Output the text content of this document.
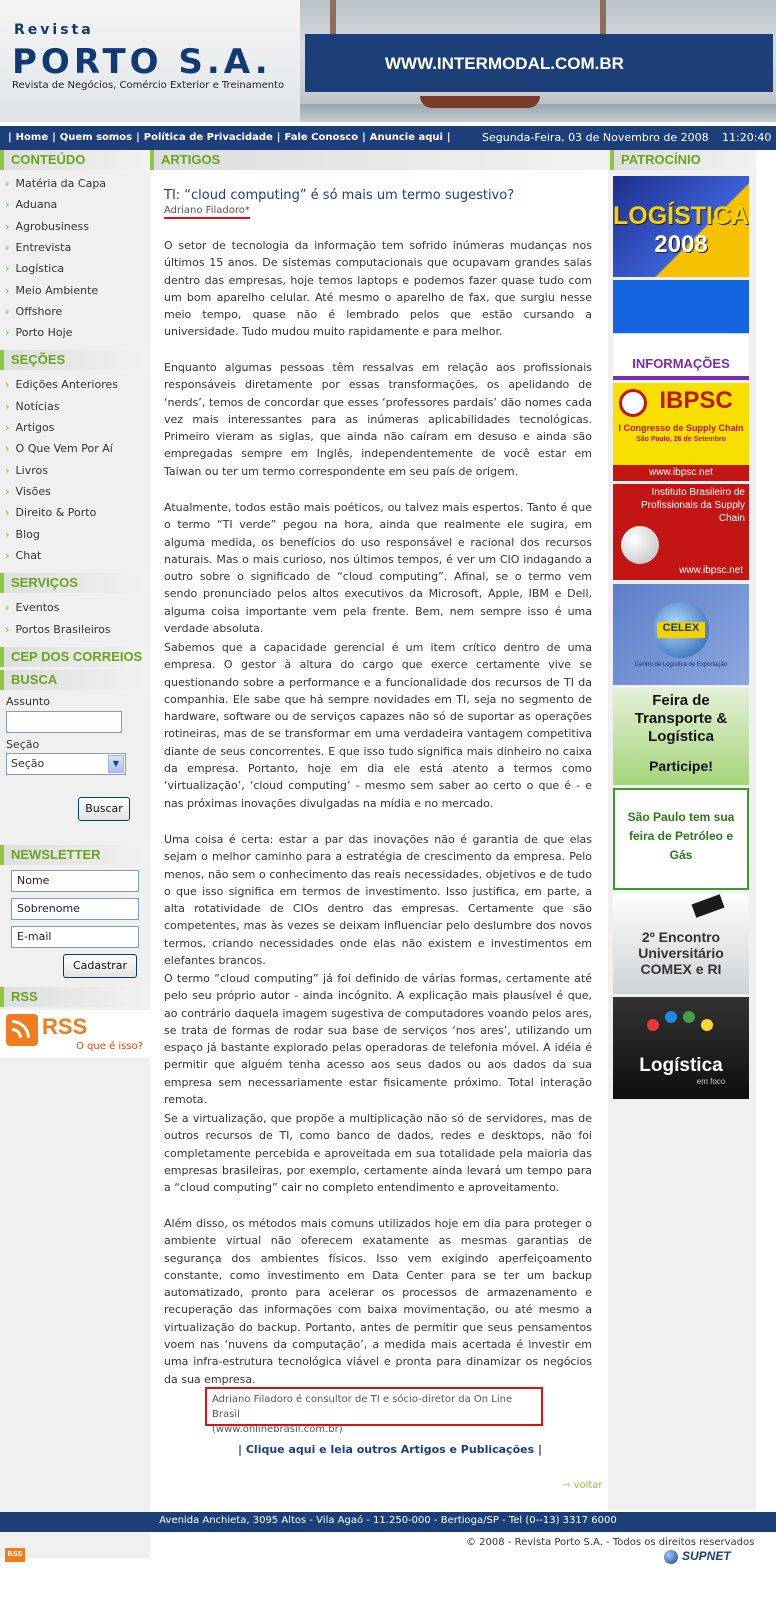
Revista
PORTO S.A.
Revista de Negócios, Comércio Exterior e Treinamento
WWW.INTERMODAL.COM.BR
| Home | Quem somos | Política de Privacidade | Fale Conosco | Anuncie aqui |	Segunda-Feira, 03 de Novembro de 2008 11:20:40
CONTEÚDO
› Matéria da Capa
› Aduana
› Agrobusiness
› Entrevista
› Logística
› Meio Ambiente
› Offshore
› Porto Hoje
SEÇÕES
› Edições Anteriores
› Notícias
› Artigos
› O Que Vem Por Aí
› Livros
› Visões
› Direito & Porto
› Blog
› Chat
SERVIÇOS
› Eventos
› Portos Brasileiros
CEP DOS CORREIOS
BUSCA
Assunto
Seção
Seção	▼
Buscar
NEWSLETTER
Nome
Sobrenome
E-mail
Cadastrar
RSS
RSS
O que é isso?
ARTIGOS
TI: “cloud computing” é só mais um termo sugestivo?
Adriano Filadoro*
O setor de tecnologia da informação tem sofrido inúmeras mudanças nos últimos 15 anos. De sistemas computacionais que ocupavam grandes salas dentro das empresas, hoje temos laptops e podemos fazer quase tudo com um bom aparelho celular. Até mesmo o aparelho de fax, que surgiu nesse meio tempo, quase não é lembrado pelos que estão cursando a universidade. Tudo mudou muito rapidamente e para melhor.
Enquanto algumas pessoas têm ressalvas em relação aos profissionais responsáveis diretamente por essas transformações, os apelidando de ‘nerds’, temos de concordar que esses ‘professores pardais’ dão nomes cada vez mais interessantes para as inúmeras aplicabilidades tecnológicas. Primeiro vieram as siglas, que ainda não caíram em desuso e ainda são empregadas sempre em Inglês, independentemente de você estar em Taiwan ou ter um termo correspondente em seu país de origem.
Atualmente, todos estão mais poéticos, ou talvez mais espertos. Tanto é que o termo “TI verde” pegou na hora, ainda que realmente ele sugira, em alguma medida, os benefícios do uso responsável e racional dos recursos naturais. Mas o mais curioso, nos últimos tempos, é ver um CIO indagando a outro sobre o significado de “cloud computing”. Afinal, se o termo vem sendo pronunciado pelos altos executivos da Microsoft, Apple, IBM e Dell, alguma coisa importante vem pela frente. Bem, nem sempre isso é uma verdade absoluta.
Sabemos que a capacidade gerencial é um item crítico dentro de uma empresa. O gestor à altura do cargo que exerce certamente vive se questionando sobre a performance e a funcionalidade dos recursos de TI da companhia. Ele sabe que há sempre novidades em TI, seja no segmento de hardware, software ou de serviços capazes não só de suportar as operações rotineiras, mas de se transformar em uma verdadeira vantagem competitiva diante de seus concorrentes. E que isso tudo significa mais dinheiro no caixa da empresa. Portanto, hoje em dia ele está atento a termos como ‘virtualização’, ‘cloud computing’ - mesmo sem saber ao certo o que é - e nas próximas inovações divulgadas na mídia e no mercado.
Uma coisa é certa: estar a par das inovações não é garantia de que elas sejam o melhor caminho para a estratégia de crescimento da empresa. Pelo menos, não sem o conhecimento das reais necessidades, objetivos e de tudo o que isso significa em termos de investimento. Isso justifica, em parte, a alta rotatividade de CIOs dentro das empresas. Certamente que são competentes, mas às vezes se deixam influenciar pelo deslumbre dos novos termos, criando necessidades onde elas não existem e investimentos em elefantes brancos.
O termo “cloud computing” já foi definido de várias formas, certamente até pelo seu próprio autor - ainda incógnito. A explicação mais plausível é que, ao contrário daquela imagem sugestiva de computadores voando pelos ares, se trata de formas de rodar sua base de serviços ‘nos ares’, utilizando um espaço já bastante explorado pelas operadoras de telefonia móvel. A idéia é permitir que alguém tenha acesso aos seus dados ou aos dados da sua empresa sem necessariamente estar fisicamente próximo. Total interação remota.
Se a virtualização, que propõe a multiplicação não só de servidores, mas de outros recursos de TI, como banco de dados, redes e desktops, não foi completamente percebida e aproveitada em sua totalidade pela maioria das empresas brasileiras, por exemplo, certamente ainda levará um tempo para a “cloud computing” cair no completo entendimento e aproveitamento.
Além disso, os métodos mais comuns utilizados hoje em dia para proteger o ambiente virtual não oferecem exatamente as mesmas garantias de segurança dos ambientes físicos. Isso vem exigindo aperfeiçoamento constante, como investimento em Data Center para se ter um backup automatizado, pronto para acelerar os processos de armazenamento e recuperação das informações com baixa movimentação, ou até mesmo a virtualização do backup. Portanto, antes de permitir que seus pensamentos voem nas ‘nuvens da computação’, a medida mais acertada é investir em uma infra-estrutura tecnológica viável e pronta para dinamizar os negócios da sua empresa.
Adriano Filadoro é consultor de TI e sócio-diretor da On Line Brasil
(www.onlinebrasil.com.br)
| Clique aqui e leia outros Artigos e Publicações |
⇾ voltar
PATROCÍNIO
LOGÍSTICA
2008
INFORMAÇÕES
IBPSC
I Congresso de Supply Chain
São Paulo, 26 de Setembro
www.ibpsc.net
Instituto Brasileiro de Profissionais da Supply Chain
www.ibpsc.net
CELEX
Centro de Logística de Exportação
Feira de Transporte & Logística
Participe!
São Paulo tem sua feira de Petróleo e Gás
2º Encontro Universitário
COMEX e RI
Logística
em foco
Avenida Anchieta, 3095 Altos - Vila Agaó - 11.250-000 - Bertioga/SP - Tel (0--13) 3317 6000
© 2008 - Revista Porto S.A. - Todos os direitos reservados
RSS	SUPNET
